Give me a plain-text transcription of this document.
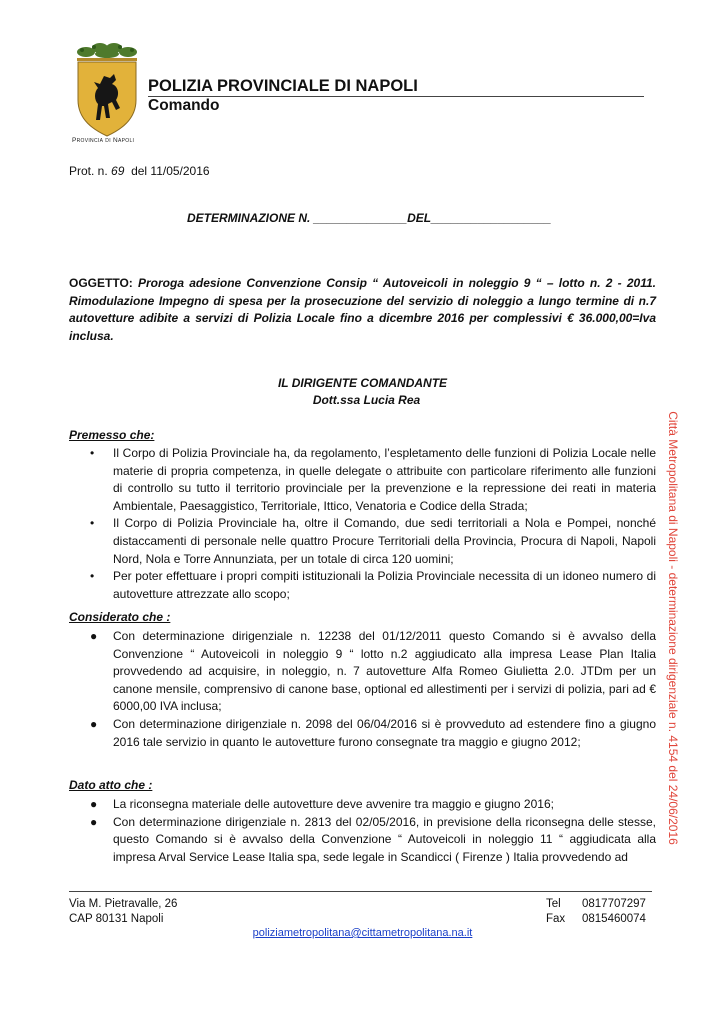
Provincia di Napoli
POLIZIA PROVINCIALE DI NAPOLI
Comando
Prot. n. 69 del 11/05/2016
DETERMINAZIONE N. ______________DEL__________________
OGGETTO: Proroga adesione Convenzione Consip “ Autoveicoli in noleggio 9 “ – lotto n. 2 - 2011. Rimodulazione Impegno di spesa per la prosecuzione del servizio di noleggio a lungo termine di n.7 autovetture adibite a servizi di Polizia Locale fino a dicembre 2016 per complessivi € 36.000,00=Iva inclusa.
IL DIRIGENTE COMANDANTE
Dott.ssa Lucia Rea
Premesso che:
• Il Corpo di Polizia Provinciale ha, da regolamento, l’espletamento delle funzioni di Polizia Locale nelle materie di propria competenza, in quelle delegate o attribuite con particolare riferimento alle funzioni di controllo su tutto il territorio provinciale per la prevenzione e la repressione dei reati in materia Ambientale, Paesaggistico, Territoriale, Ittico, Venatoria e Codice della Strada;
• Il Corpo di Polizia Provinciale ha, oltre il Comando, due sedi territoriali a Nola e Pompei, nonché distaccamenti di personale nelle quattro Procure Territoriali della Provincia, Procura di Napoli, Napoli Nord, Nola e Torre Annunziata, per un totale di circa 120 uomini;
• Per poter effettuare i propri compiti istituzionali la Polizia Provinciale necessita di un idoneo numero di autovetture attrezzate allo scopo;
Considerato che :
● Con determinazione dirigenziale n. 12238 del 01/12/2011 questo Comando si è avvalso della Convenzione “ Autoveicoli in noleggio 9 “ lotto n.2 aggiudicato alla impresa Lease Plan Italia provvedendo ad acquisire, in noleggio, n. 7 autovetture Alfa Romeo Giulietta 2.0. JTDm per un canone mensile, comprensivo di canone base, optional ed allestimenti per i servizi di polizia, pari ad € 6000,00 IVA inclusa;
● Con determinazione dirigenziale n. 2098 del 06/04/2016 si è provveduto ad estendere fino a giugno 2016 tale servizio in quanto le autovetture furono consegnate tra maggio e giugno 2012;
Dato atto che :
● La riconsegna materiale delle autovetture deve avvenire tra maggio e giugno 2016;
● Con determinazione dirigenziale n. 2813 del 02/05/2016, in previsione della riconsegna delle stesse, questo Comando si è avvalso della Convenzione “ Autoveicoli in noleggio 11 “ aggiudicata alla impresa Arval Service Lease Italia spa, sede legale in Scandicci ( Firenze ) Italia provvedendo ad
Città Metropolitana di Napoli - determinazione dirigenziale n. 4154 del 24/06/2016
Via M. Pietravalle, 26
CAP 80131 Napoli
Tel 0817707297
Fax 0815460074
poliziametropolitana@cittametropolitana.na.it
